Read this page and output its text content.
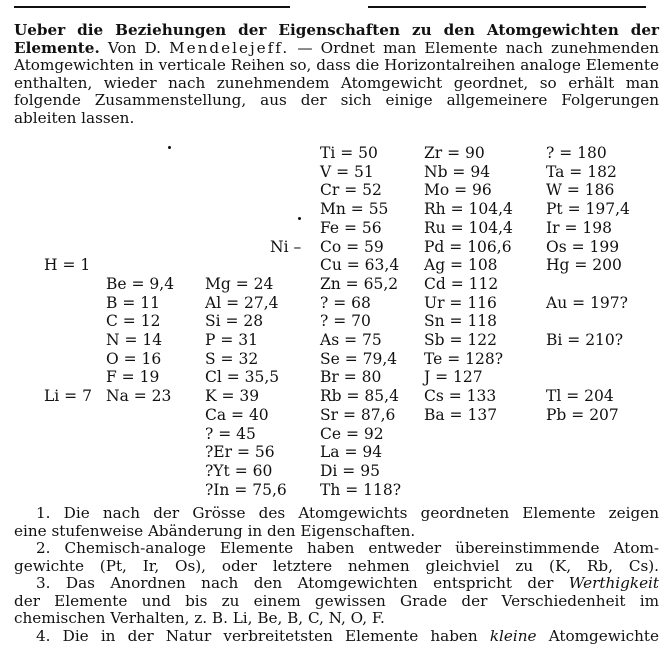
Ueber die Beziehungen der Eigenschaften zu den Atomgewichten der Elemente. Von D. Mendelejeff. — Ordnet man Elemente nach zunehmenden Atomgewichten in verticale Reihen so, dass die Horizontalreihen analoge Elemente enthalten, wieder nach zunehmendem Atomgewicht geordnet, so erhält man folgende Zusammenstellung, aus der sich einige allgemeinere Folgerungen ableiten lassen.
H = 1
Li = 7
Be = 9,4
B = 11
C = 12
N = 14
O = 16
F = 19
Na = 23
Mg = 24
Al = 27,4
Si = 28
P = 31
S = 32
Cl = 35,5
K = 39
Ca = 40
? = 45
?Er = 56
?Yt = 60
?In = 75,6
Ti = 50
V = 51
Cr = 52
Mn = 55
Fe = 56
Co = 59
Cu = 63,4
Zn = 65,2
? = 68
? = 70
As = 75
Se = 79,4
Br = 80
Rb = 85,4
Sr = 87,6
Ce = 92
La = 94
Di = 95
Th = 118?
Zr = 90
Nb = 94
Mo = 96
Rh = 104,4
Ru = 104,4
Pd = 106,6
Ag = 108
Cd = 112
Ur = 116
Sn = 118
Sb = 122
Te = 128?
J = 127
Cs = 133
Ba = 137
? = 180
Ta = 182
W = 186
Pt = 197,4
Ir = 198
Os = 199
Hg = 200
Au = 197?
Bi = 210?
Tl = 204
Pb = 207
Ni –
1. Die nach der Grösse des Atomgewichts geordneten Elemente zeigen
eine stufenweise Abänderung in den Eigenschaften.
2. Chemisch-analoge Elemente haben entweder übereinstimmende Atom-
gewichte (Pt, Ir, Os), oder letztere nehmen gleichviel zu (K, Rb, Cs).
3. Das Anordnen nach den Atomgewichten entspricht der Werthigkeit
der Elemente und bis zu einem gewissen Grade der Verschiedenheit im
chemischen Verhalten, z. B. Li, Be, B, C, N, O, F.
4. Die in der Natur verbreitetsten Elemente haben kleine Atomgewichte
